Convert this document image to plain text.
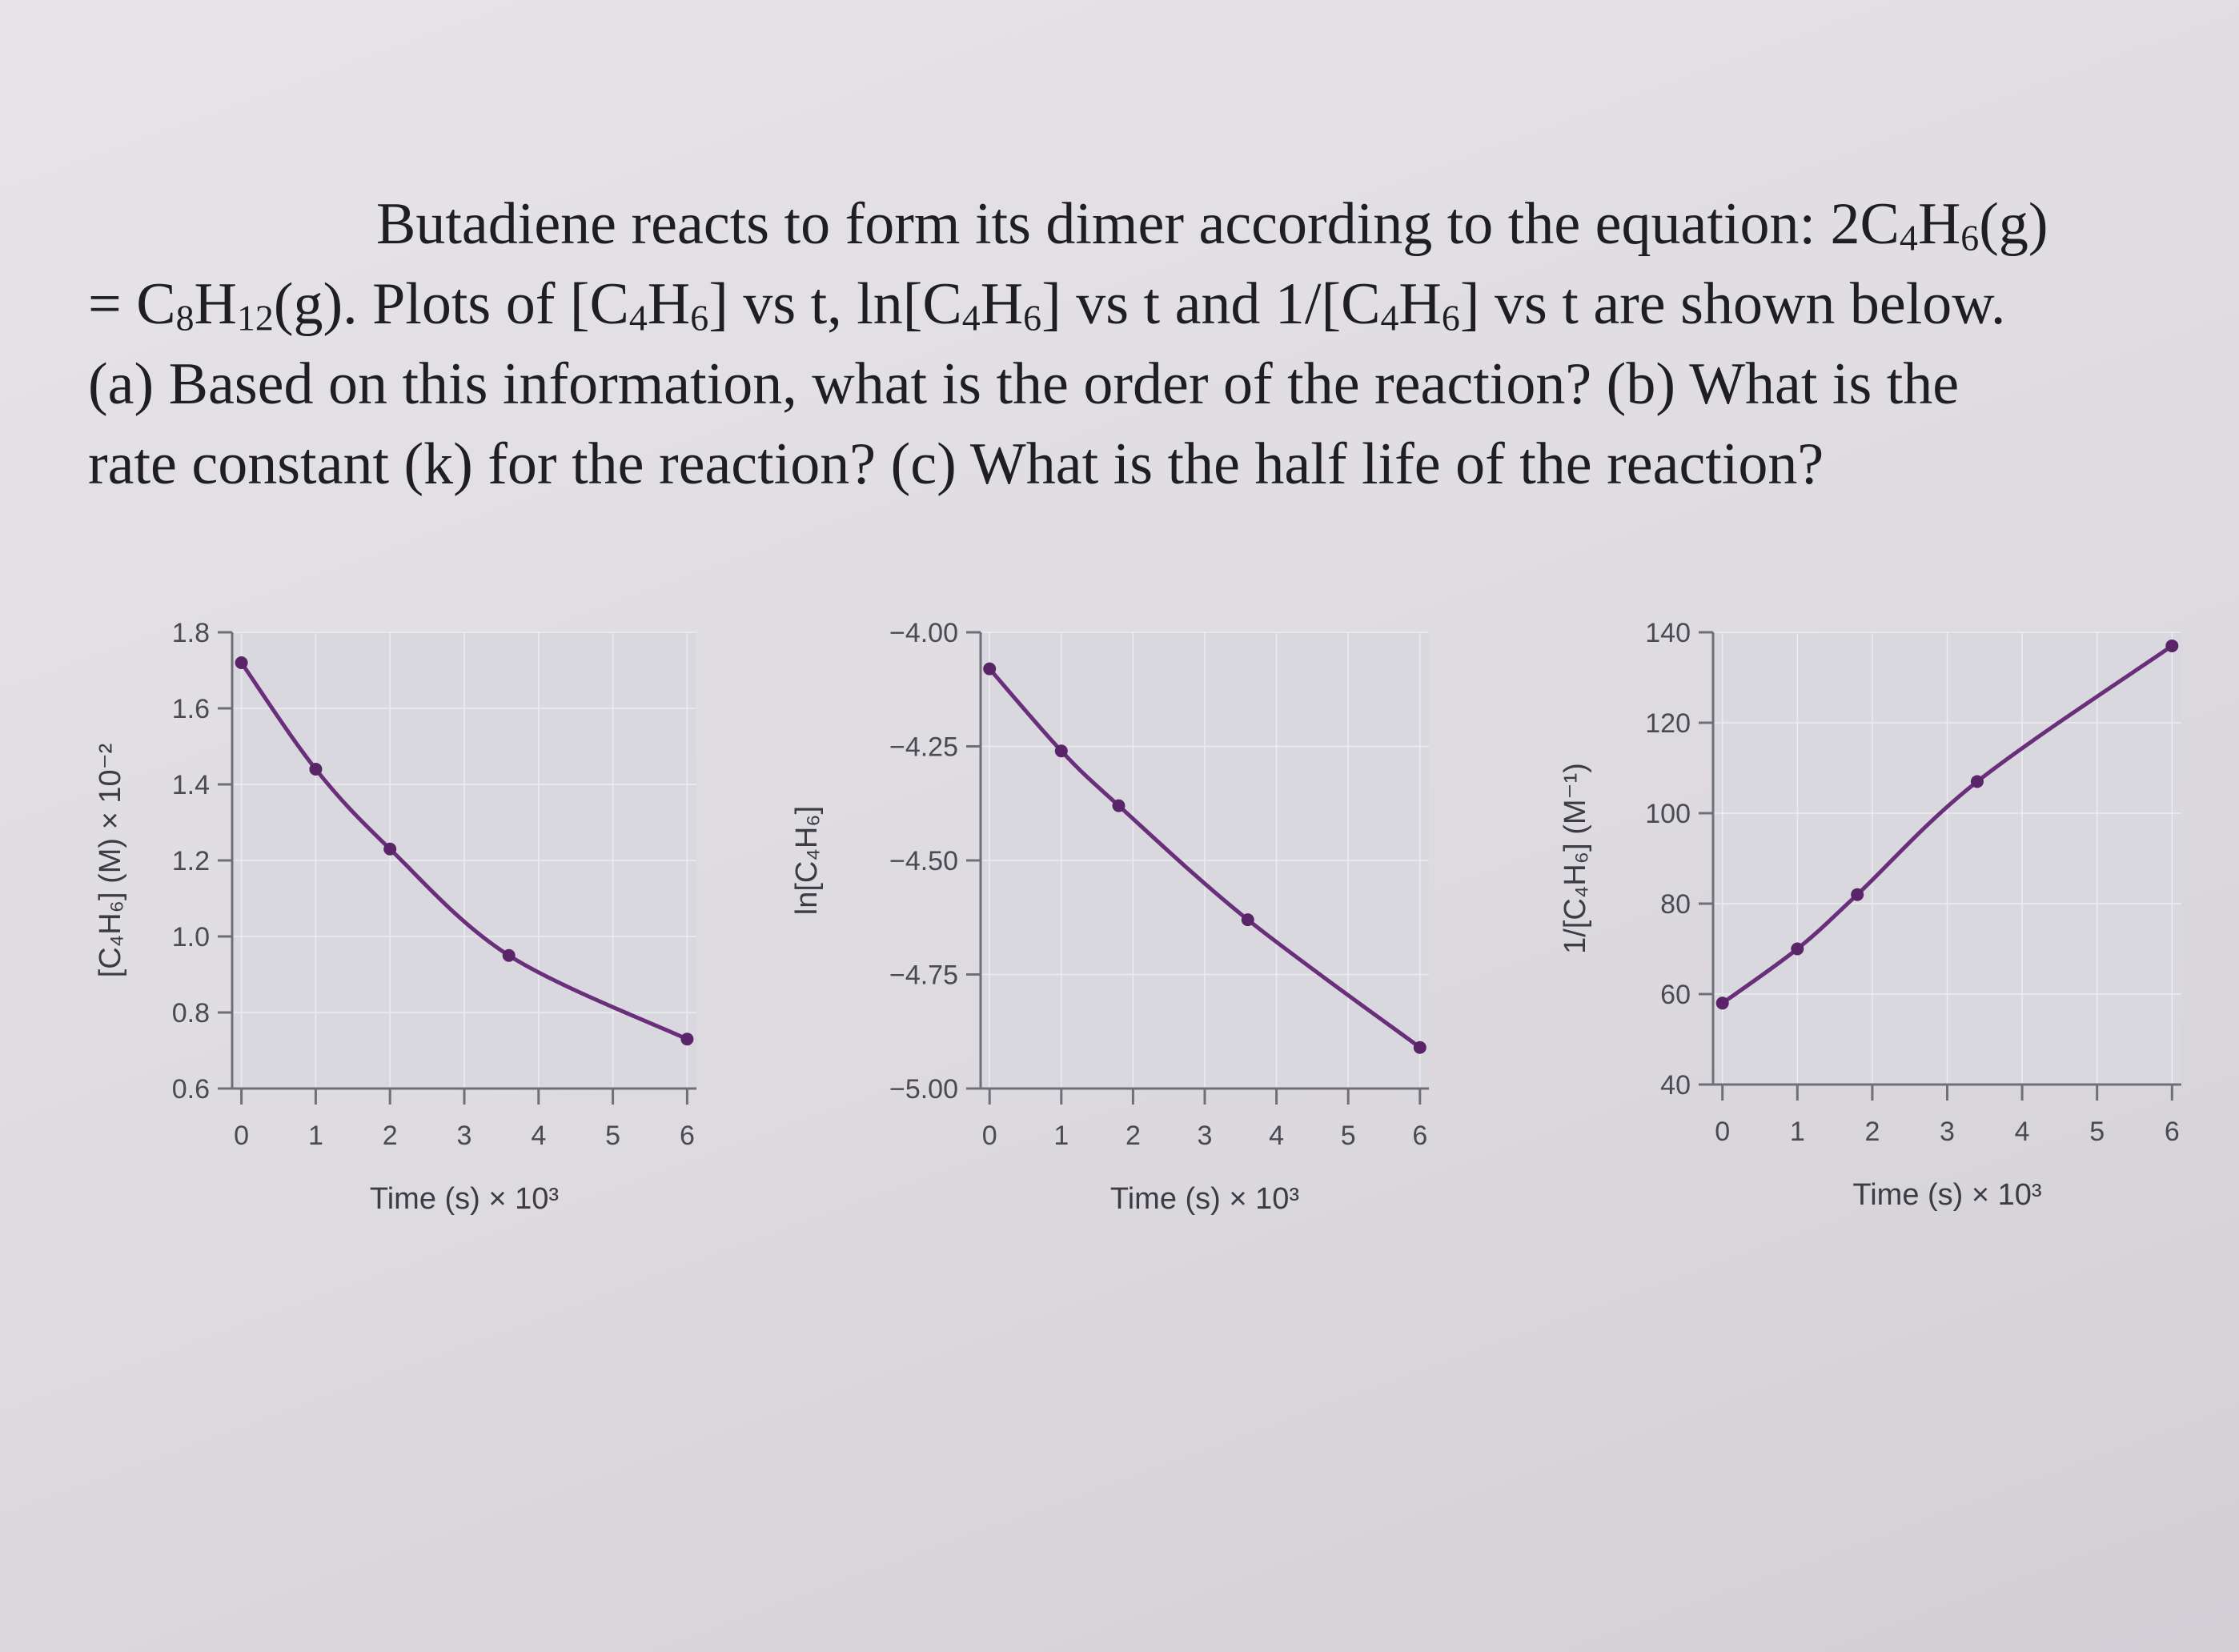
Butadiene reacts to form its dimer according to the equation: $2C_4H_6(g)$

= $C_8H_{12}(g)$. Plots of $[C_4H_6]$ vs t, $\ln[C_4H_6]$ vs t and $1/[C_4H_6]$ vs t are shown below.

(a) Based on this information, what is the order of the reaction? (b) What is the

rate constant (k) for the reaction? (c) What is the half life of the reaction?

0 1 2 3 4 5 6
0.6
0.8
1.0
1.2
1.4
1.6
1.8
Time (s) × 10³
[C₄H₆] (M) × 10⁻²
0 1 2 3 4 5 6
−5.00
−4.75
−4.50
−4.25
−4.00
Time (s) × 10³
ln[C₄H₆]
0 1 2 3 4 5 6
40
60
80
100
120
140
Time (s) × 10³
1/[C₄H₆] (M⁻¹)
